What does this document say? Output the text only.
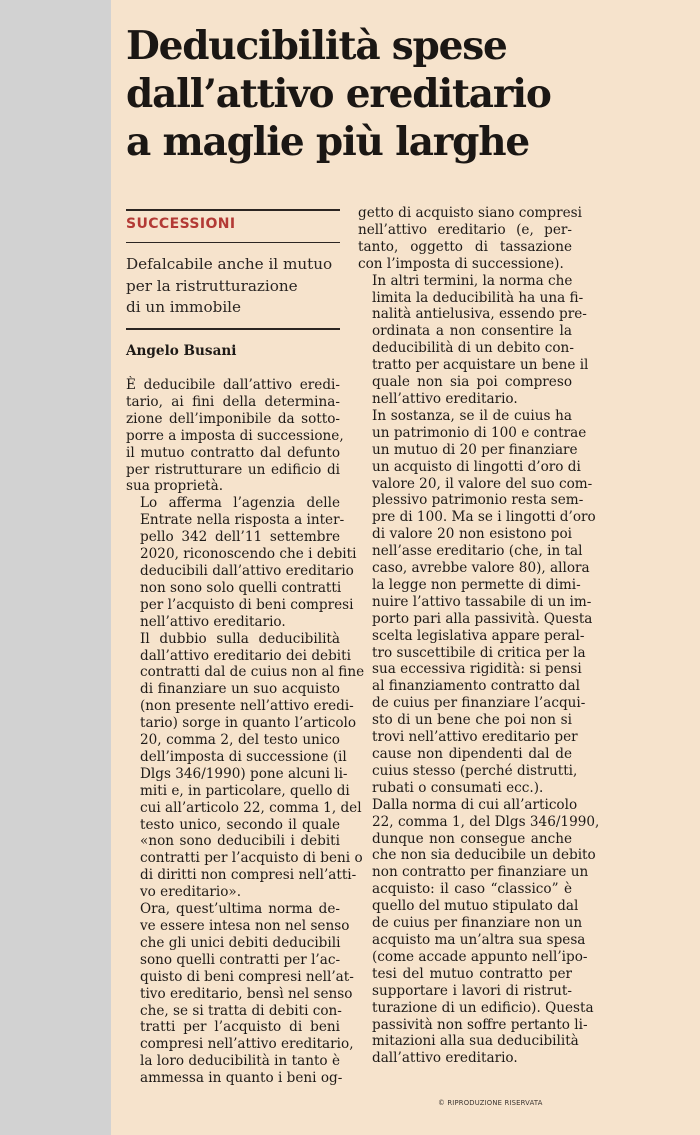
Deducibilità spese
dall’attivo ereditario
a maglie più larghe

SUCCESSIONI

Defalcabile anche il mutuo
per la ristrutturazione
di un immobile

Angelo Busani

È deducibile dall’attivo eredi-
tario, ai fini della determina-
zione dell’imponibile da sotto-
porre a imposta di successione,
il mutuo contratto dal defunto
per ristrutturare un edificio di
sua proprietà.

Lo afferma l’agenzia delle
Entrate nella risposta a inter-
pello 342 dell’11 settembre
2020, riconoscendo che i debiti
deducibili dall’attivo ereditario
non sono solo quelli contratti
per l’acquisto di beni compresi
nell’attivo ereditario.

Il dubbio sulla deducibilità
dall’attivo ereditario dei debiti
contratti dal de cuius non al fine
di finanziare un suo acquisto
(non presente nell’attivo eredi-
tario) sorge in quanto l’articolo
20, comma 2, del testo unico
dell’imposta di successione (il
Dlgs 346/1990) pone alcuni li-
miti e, in particolare, quello di
cui all’articolo 22, comma 1, del
testo unico, secondo il quale
«non sono deducibili i debiti
contratti per l’acquisto di beni o
di diritti non compresi nell’atti-
vo ereditario».

Ora, quest’ultima norma de-
ve essere intesa non nel senso
che gli unici debiti deducibili
sono quelli contratti per l’ac-
quisto di beni compresi nell’at-
tivo ereditario, bensì nel senso
che, se si tratta di debiti con-
tratti per l’acquisto di beni
compresi nell’attivo ereditario,
la loro deducibilità in tanto è
ammessa in quanto i beni og-

getto di acquisto siano compresi
nell’attivo ereditario (e, per-
tanto, oggetto di tassazione
con l’imposta di successione).

In altri termini, la norma che
limita la deducibilità ha una fi-
nalità antielusiva, essendo pre-
ordinata a non consentire la
deducibilità di un debito con-
tratto per acquistare un bene il
quale non sia poi compreso
nell’attivo ereditario.

In sostanza, se il de cuius ha
un patrimonio di 100 e contrae
un mutuo di 20 per finanziare
un acquisto di lingotti d’oro di
valore 20, il valore del suo com-
plessivo patrimonio resta sem-
pre di 100. Ma se i lingotti d’oro
di valore 20 non esistono poi
nell’asse ereditario (che, in tal
caso, avrebbe valore 80), allora
la legge non permette di dimi-
nuire l’attivo tassabile di un im-
porto pari alla passività. Questa
scelta legislativa appare peral-
tro suscettibile di critica per la
sua eccessiva rigidità: si pensi
al finanziamento contratto dal
de cuius per finanziare l’acqui-
sto di un bene che poi non si
trovi nell’attivo ereditario per
cause non dipendenti dal de
cuius stesso (perché distrutti,
rubati o consumati ecc.).

Dalla norma di cui all’articolo
22, comma 1, del Dlgs 346/1990,
dunque non consegue anche
che non sia deducibile un debito
non contratto per finanziare un
acquisto: il caso “classico” è
quello del mutuo stipulato dal
de cuius per finanziare non un
acquisto ma un’altra sua spesa
(come accade appunto nell’ipo-
tesi del mutuo contratto per
supportare i lavori di ristrut-
turazione di un edificio). Questa
passività non soffre pertanto li-
mitazioni alla sua deducibilità
dall’attivo ereditario.

© RIPRODUZIONE RISERVATA
